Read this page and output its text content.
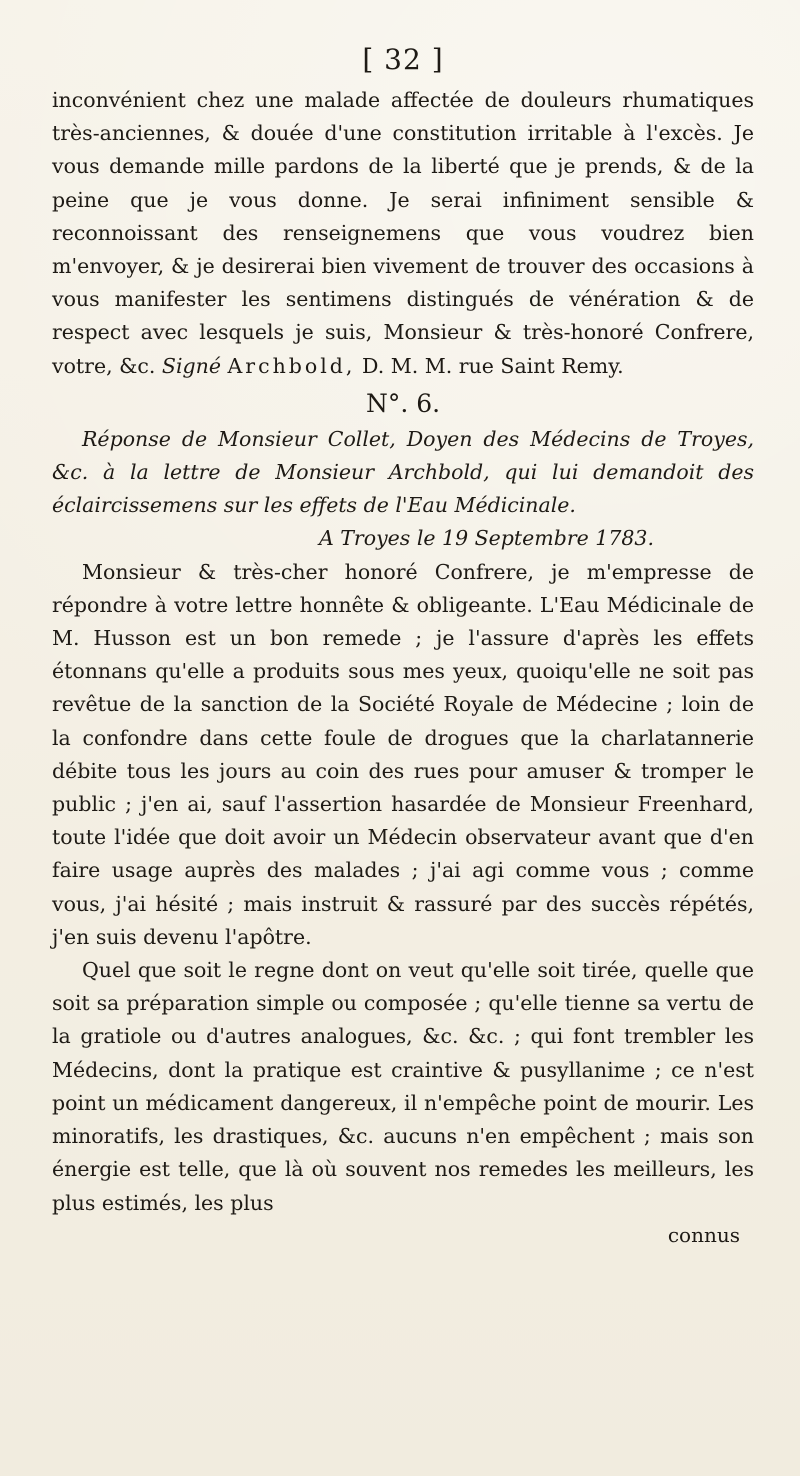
[ 32 ]

inconvénient chez une malade affectée de douleurs rhumatiques très-anciennes, & douée d'une constitution irritable à l'excès. Je vous demande mille pardons de la liberté que je prends, & de la peine que je vous donne. Je serai infiniment sensible & reconnoissant des renseignemens que vous voudrez bien m'envoyer, & je desirerai bien vivement de trouver des occasions à vous manifester les sentimens distingués de vénération & de respect avec lesquels je suis, Monsieur & très-honoré Confrere, votre, &c. Signé Archbold, D. M. M. rue Saint Remy.

N°. 6.

Réponse de Monsieur Collet, Doyen des Médecins de Troyes, &c. à la lettre de Monsieur Archbold, qui lui demandoit des éclaircissemens sur les effets de l'Eau Médicinale.

A Troyes le 19 Septembre 1783.

Monsieur & très-cher honoré Confrere, je m'empresse de répondre à votre lettre honnête & obligeante. L'Eau Médicinale de M. Husson est un bon remede ; je l'assure d'après les effets étonnans qu'elle a produits sous mes yeux, quoiqu'elle ne soit pas revêtue de la sanction de la Société Royale de Médecine ; loin de la confondre dans cette foule de drogues que la charlatannerie débite tous les jours au coin des rues pour amuser & tromper le public ; j'en ai, sauf l'assertion hasardée de Monsieur Freenhard, toute l'idée que doit avoir un Médecin observateur avant que d'en faire usage auprès des malades ; j'ai agi comme vous ; comme vous, j'ai hésité ; mais instruit & rassuré par des succès répétés, j'en suis devenu l'apôtre.

Quel que soit le regne dont on veut qu'elle soit tirée, quelle que soit sa préparation simple ou composée ; qu'elle tienne sa vertu de la gratiole ou d'autres analogues, &c. &c. ; qui font trembler les Médecins, dont la pratique est craintive & pusyllanime ; ce n'est point un médicament dangereux, il n'empêche point de mourir. Les minoratifs, les drastiques, &c. aucuns n'en empêchent ; mais son énergie est telle, que là où souvent nos remedes les meilleurs, les plus estimés, les plus

connus
